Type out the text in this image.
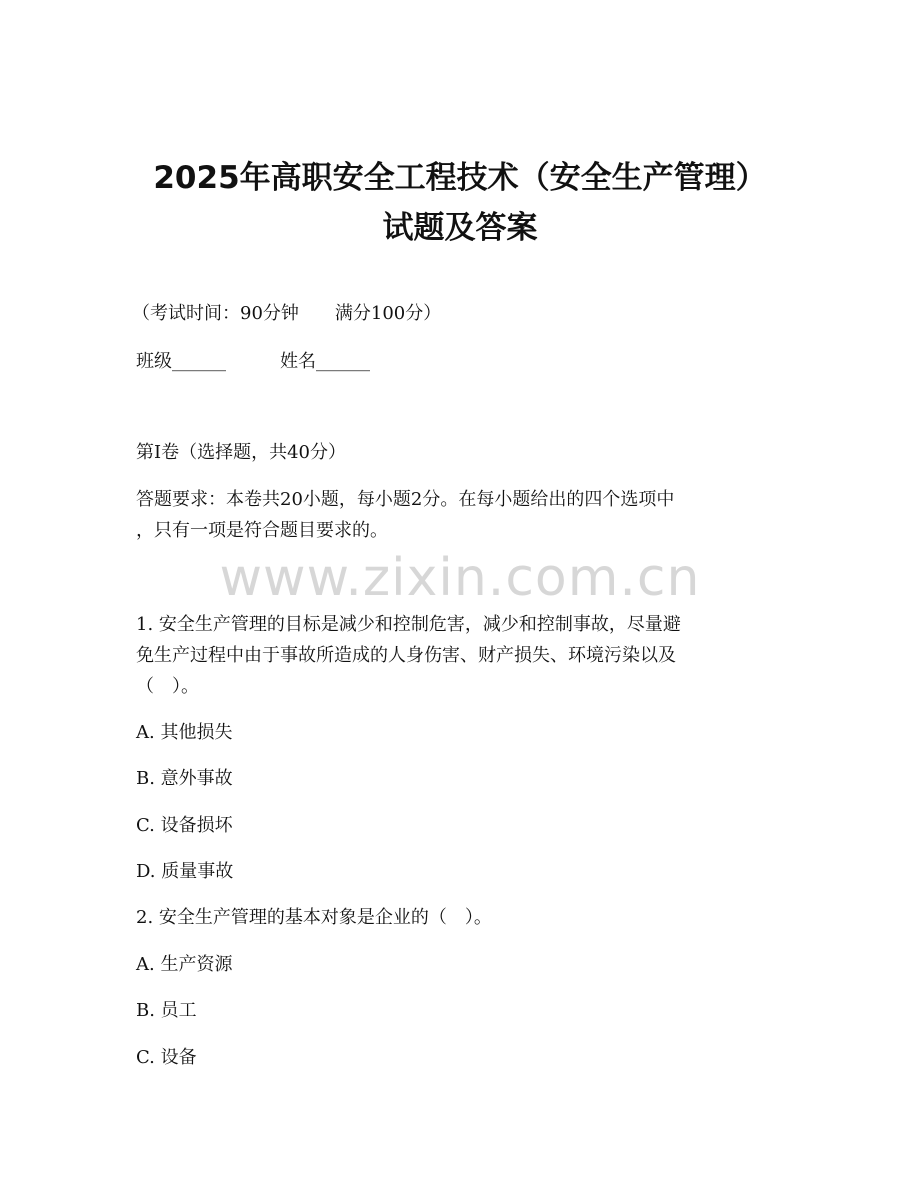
2025年高职安全工程技术（安全生产管理）
试题及答案

（考试时间：90分钟　　满分100分）

班级______　　　姓名______

第I卷（选择题，共40分）

答题要求：本卷共20小题，每小题2分。在每小题给出的四个选项中

，只有一项是符合题目要求的。

www.zixin.com.cn

1. 安全生产管理的目标是减少和控制危害，减少和控制事故，尽量避

免生产过程中由于事故所造成的人身伤害、财产损失、环境污染以及

（　）。

A. 其他损失

B. 意外事故

C. 设备损坏

D. 质量事故

2. 安全生产管理的基本对象是企业的（　）。

A. 生产资源

B. 员工

C. 设备
